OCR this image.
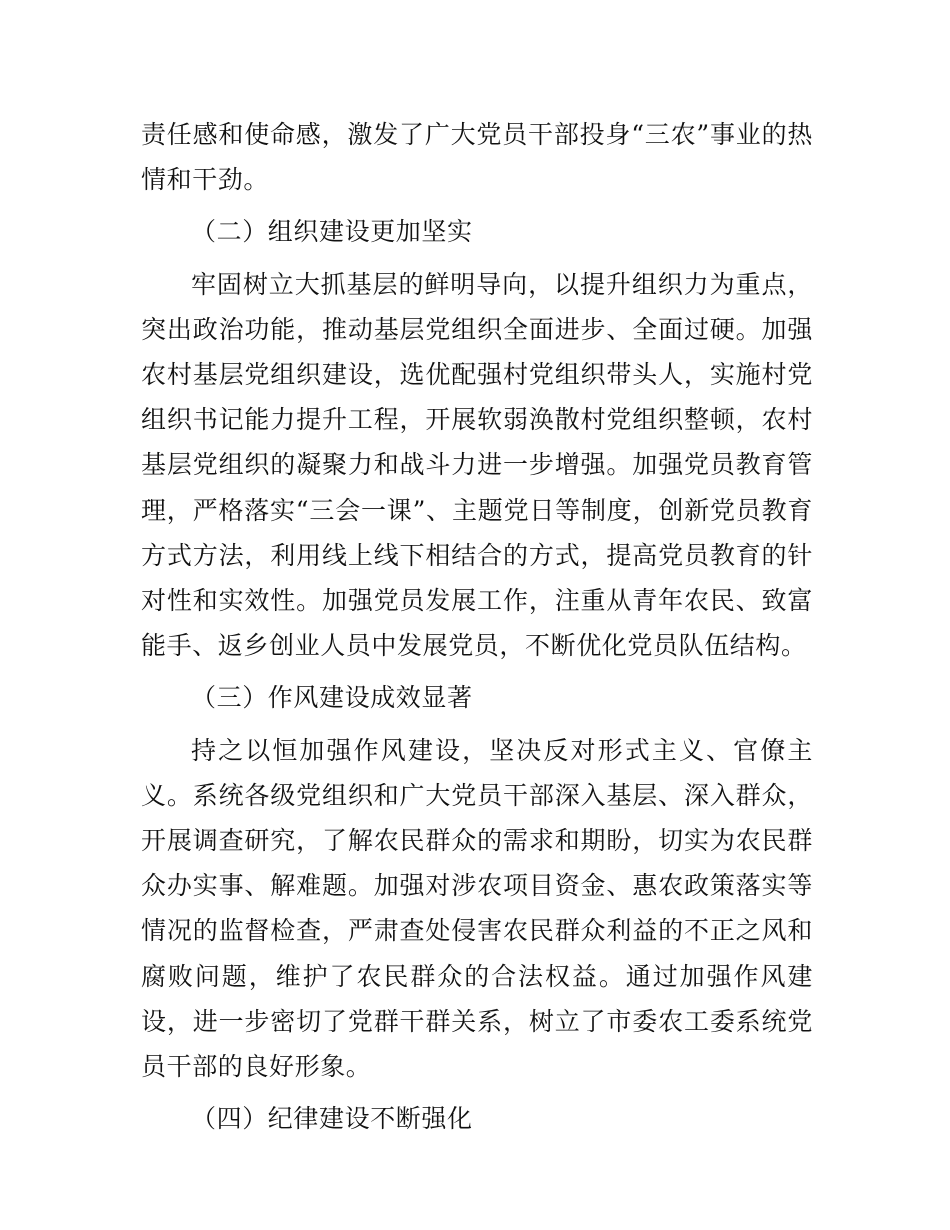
责任感和使命感，激发了广大党员干部投身“三农”事业的热情和干劲。

（二）组织建设更加坚实

牢固树立大抓基层的鲜明导向，以提升组织力为重点，突出政治功能，推动基层党组织全面进步、全面过硬。加强农村基层党组织建设，选优配强村党组织带头人，实施村党组织书记能力提升工程，开展软弱涣散村党组织整顿，农村基层党组织的凝聚力和战斗力进一步增强。加强党员教育管理，严格落实“三会一课”、主题党日等制度，创新党员教育方式方法，利用线上线下相结合的方式，提高党员教育的针对性和实效性。加强党员发展工作，注重从青年农民、致富能手、返乡创业人员中发展党员，不断优化党员队伍结构。

（三）作风建设成效显著

持之以恒加强作风建设，坚决反对形式主义、官僚主义。系统各级党组织和广大党员干部深入基层、深入群众，开展调查研究，了解农民群众的需求和期盼，切实为农民群众办实事、解难题。加强对涉农项目资金、惠农政策落实等情况的监督检查，严肃查处侵害农民群众利益的不正之风和腐败问题，维护了农民群众的合法权益。通过加强作风建设，进一步密切了党群干群关系，树立了市委农工委系统党员干部的良好形象。

（四）纪律建设不断强化
